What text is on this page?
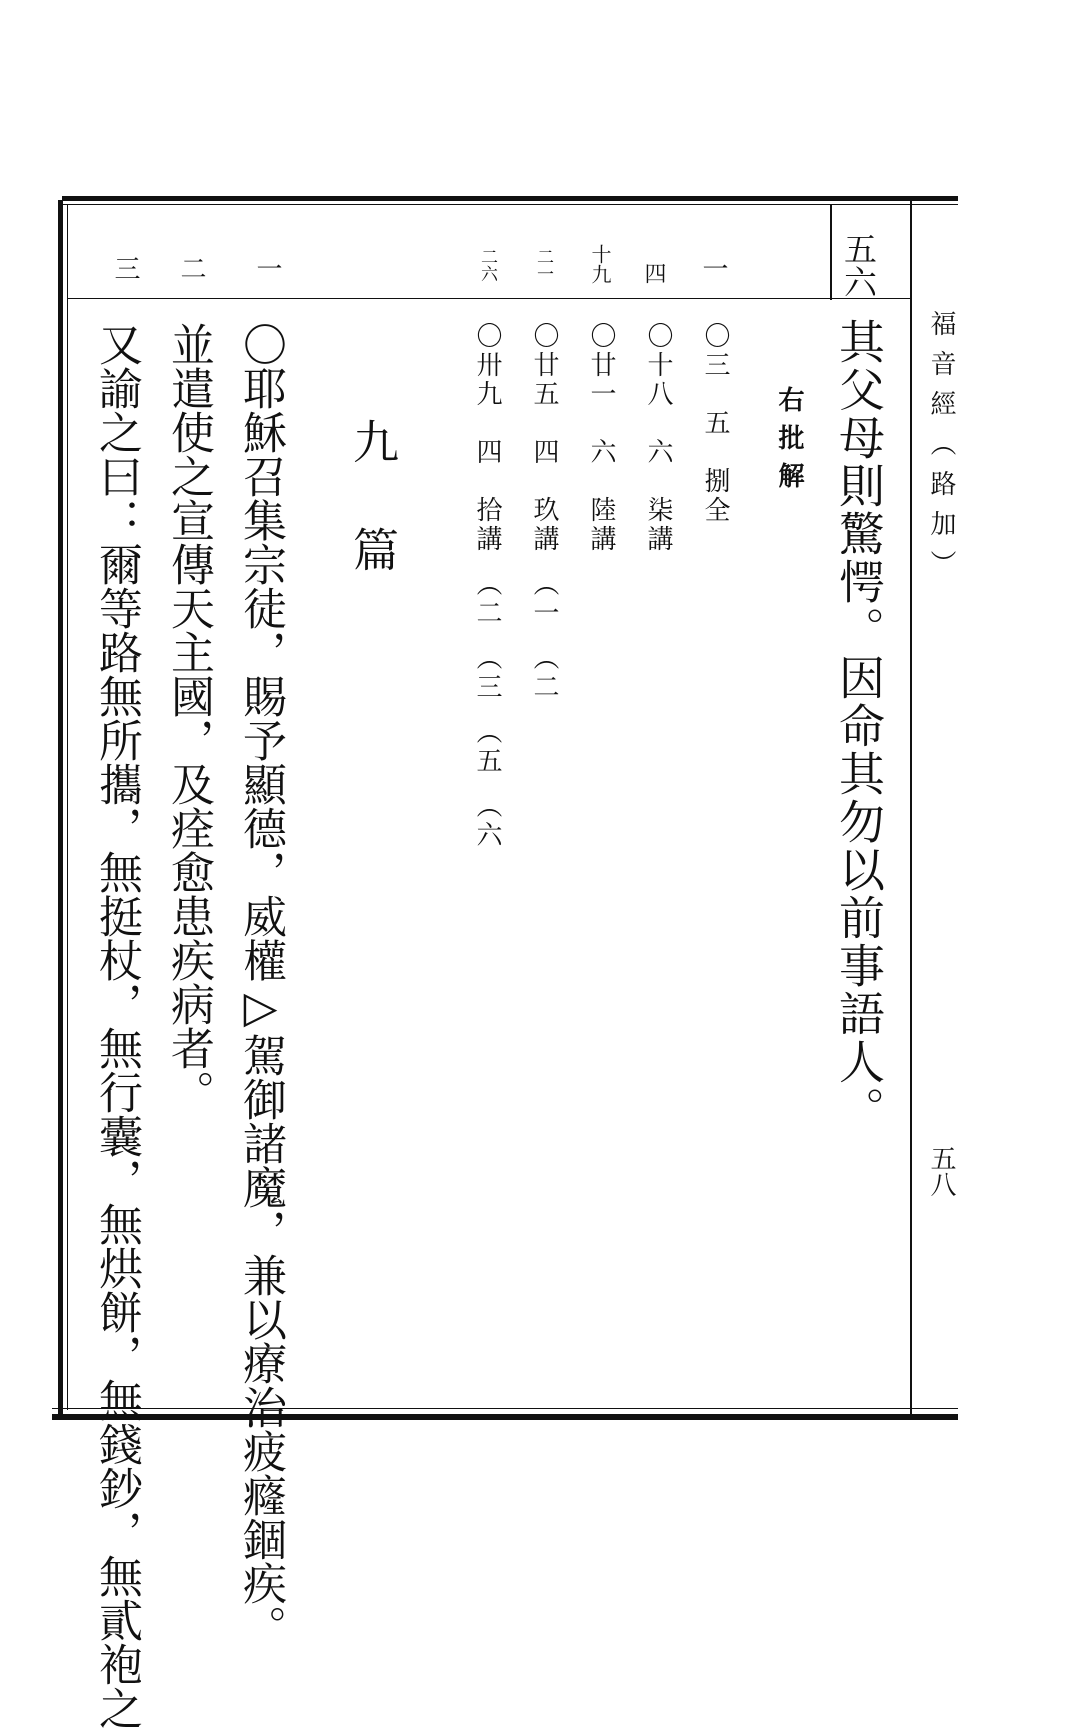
福音經（路加）
五八
五六
一
四
十九
二一
二六
一
二
三
其父母則驚愕。因命其勿以前事語人。
右批解
〇三　五　捌全
〇十八　六　柒講
〇廿一　六　陸講
〇廿五　四　玖講　（一　（二
〇卅九　四　拾講　（二　（三　（五　（六
九　篇
〇耶穌召集宗徒，賜予顯德，威權▷駕御諸魔，兼以療治疲癃錮疾。
並遣使之宣傳天主國，及痊愈患疾病者。
又諭之曰：爾等路無所攜，無挺杖，無行囊，無烘餅，無錢鈔，無貳袍之
